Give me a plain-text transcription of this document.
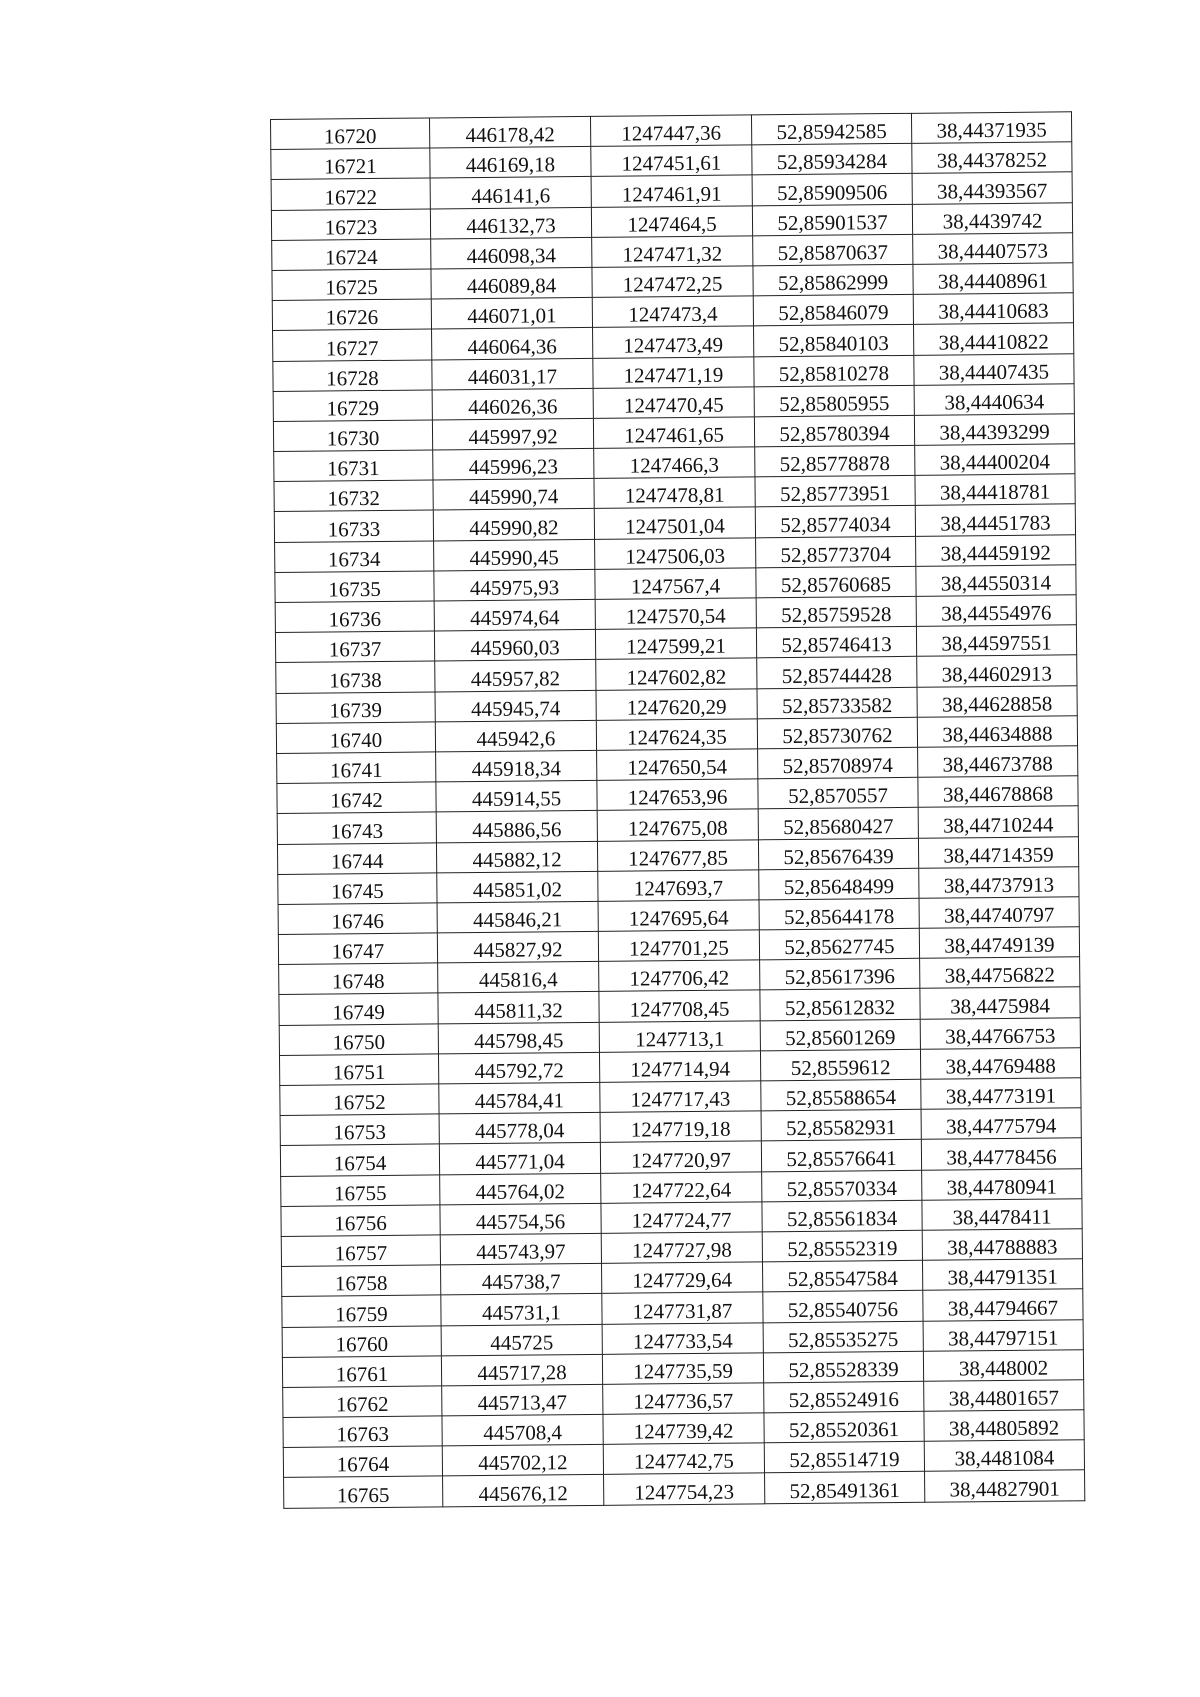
16720	446178,42	1247447,36	52,85942585	38,44371935
16721	446169,18	1247451,61	52,85934284	38,44378252
16722	446141,6	1247461,91	52,85909506	38,44393567
16723	446132,73	1247464,5	52,85901537	38,4439742
16724	446098,34	1247471,32	52,85870637	38,44407573
16725	446089,84	1247472,25	52,85862999	38,44408961
16726	446071,01	1247473,4	52,85846079	38,44410683
16727	446064,36	1247473,49	52,85840103	38,44410822
16728	446031,17	1247471,19	52,85810278	38,44407435
16729	446026,36	1247470,45	52,85805955	38,4440634
16730	445997,92	1247461,65	52,85780394	38,44393299
16731	445996,23	1247466,3	52,85778878	38,44400204
16732	445990,74	1247478,81	52,85773951	38,44418781
16733	445990,82	1247501,04	52,85774034	38,44451783
16734	445990,45	1247506,03	52,85773704	38,44459192
16735	445975,93	1247567,4	52,85760685	38,44550314
16736	445974,64	1247570,54	52,85759528	38,44554976
16737	445960,03	1247599,21	52,85746413	38,44597551
16738	445957,82	1247602,82	52,85744428	38,44602913
16739	445945,74	1247620,29	52,85733582	38,44628858
16740	445942,6	1247624,35	52,85730762	38,44634888
16741	445918,34	1247650,54	52,85708974	38,44673788
16742	445914,55	1247653,96	52,8570557	38,44678868
16743	445886,56	1247675,08	52,85680427	38,44710244
16744	445882,12	1247677,85	52,85676439	38,44714359
16745	445851,02	1247693,7	52,85648499	38,44737913
16746	445846,21	1247695,64	52,85644178	38,44740797
16747	445827,92	1247701,25	52,85627745	38,44749139
16748	445816,4	1247706,42	52,85617396	38,44756822
16749	445811,32	1247708,45	52,85612832	38,4475984
16750	445798,45	1247713,1	52,85601269	38,44766753
16751	445792,72	1247714,94	52,8559612	38,44769488
16752	445784,41	1247717,43	52,85588654	38,44773191
16753	445778,04	1247719,18	52,85582931	38,44775794
16754	445771,04	1247720,97	52,85576641	38,44778456
16755	445764,02	1247722,64	52,85570334	38,44780941
16756	445754,56	1247724,77	52,85561834	38,4478411
16757	445743,97	1247727,98	52,85552319	38,44788883
16758	445738,7	1247729,64	52,85547584	38,44791351
16759	445731,1	1247731,87	52,85540756	38,44794667
16760	445725	1247733,54	52,85535275	38,44797151
16761	445717,28	1247735,59	52,85528339	38,448002
16762	445713,47	1247736,57	52,85524916	38,44801657
16763	445708,4	1247739,42	52,85520361	38,44805892
16764	445702,12	1247742,75	52,85514719	38,4481084
16765	445676,12	1247754,23	52,85491361	38,44827901
